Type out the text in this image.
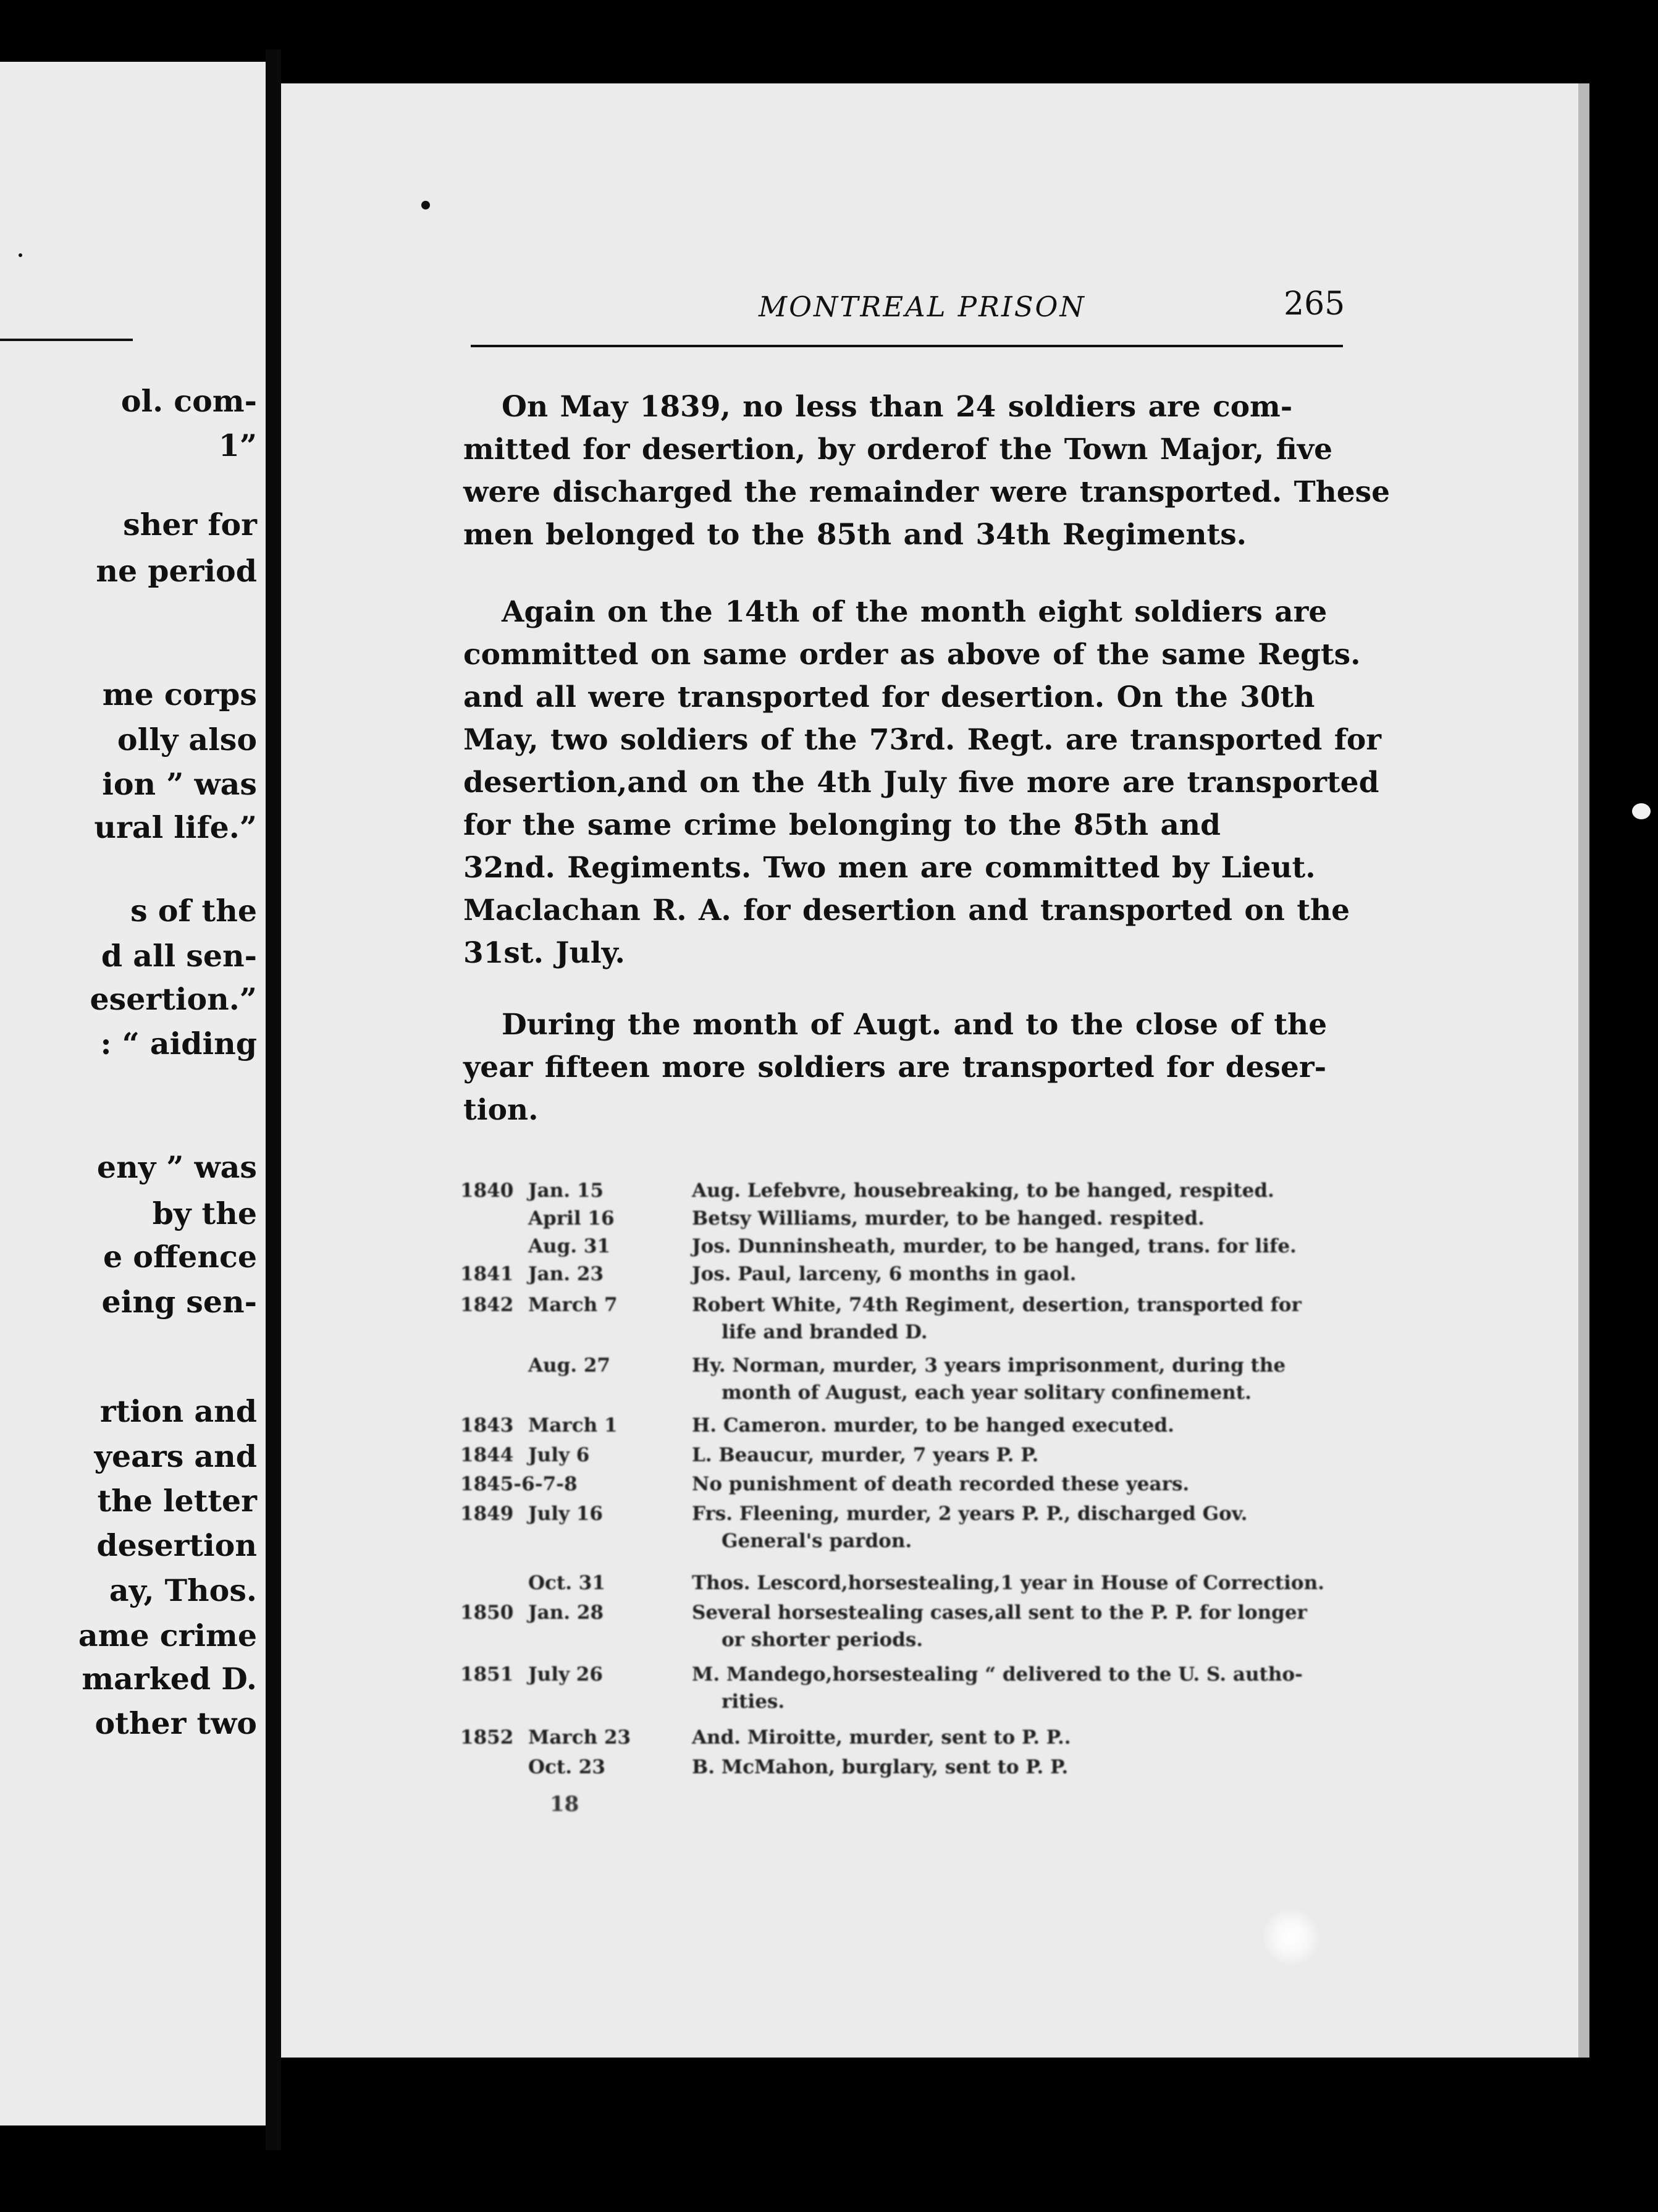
ol. com-
1”
sher for
ne period
me corps
olly also
ion ” was
ural life.”
s of the
d all sen-
esertion.”
: “ aiding
eny ” was
by the
e offence
eing sen-
rtion and
years and
the letter
desertion
ay, Thos.
ame crime
marked D.
other two
MONTREAL PRISON	265
On May 1839, no less than 24 soldiers are com-
mitted for desertion, by orderof the Town Major, five
were discharged the remainder were transported. These
men belonged to the 85th and 34th Regiments.
Again on the 14th of the month eight soldiers are
committed on same order as above of the same Regts.
and all were transported for desertion. On the 30th
May, two soldiers of the 73rd. Regt. are transported for
desertion,and on the 4th July five more are transported
for the same crime belonging to the 85th and
32nd. Regiments. Two men are committed by Lieut.
Maclachan R. A. for desertion and transported on the
31st. July.
During the month of Augt. and to the close of the
year fifteen more soldiers are transported for deser-
tion.
1840 Jan. 15	Aug. Lefebvre, housebreaking, to be hanged, respited.
April 16	Betsy Williams, murder, to be hanged. respited.
Aug. 31	Jos. Dunninsheath, murder, to be hanged, trans. for life.
1841 Jan. 23	Jos. Paul, larceny, 6 months in gaol.
1842 March 7	Robert White, 74th Regiment, desertion, transported for
life and branded D.
Aug. 27	Hy. Norman, murder, 3 years imprisonment, during the
month of August, each year solitary confinement.
1843 March 1	H. Cameron. murder, to be hanged executed.
1844 July 6	L. Beaucur, murder, 7 years P. P.
1845-6-7-8	No punishment of death recorded these years.
1849 July 16	Frs. Fleening, murder, 2 years P. P., discharged Gov.
General's pardon.
Oct. 31	Thos. Lescord,horsestealing,1 year in House of Correction.
1850 Jan. 28	Several horsestealing cases,all sent to the P. P. for longer
or shorter periods.
1851 July 26	M. Mandego,horsestealing “ delivered to the U. S. autho-
rities.
1852 March 23	And. Miroitte, murder, sent to P. P..
Oct. 23	B. McMahon, burglary, sent to P. P.
18
